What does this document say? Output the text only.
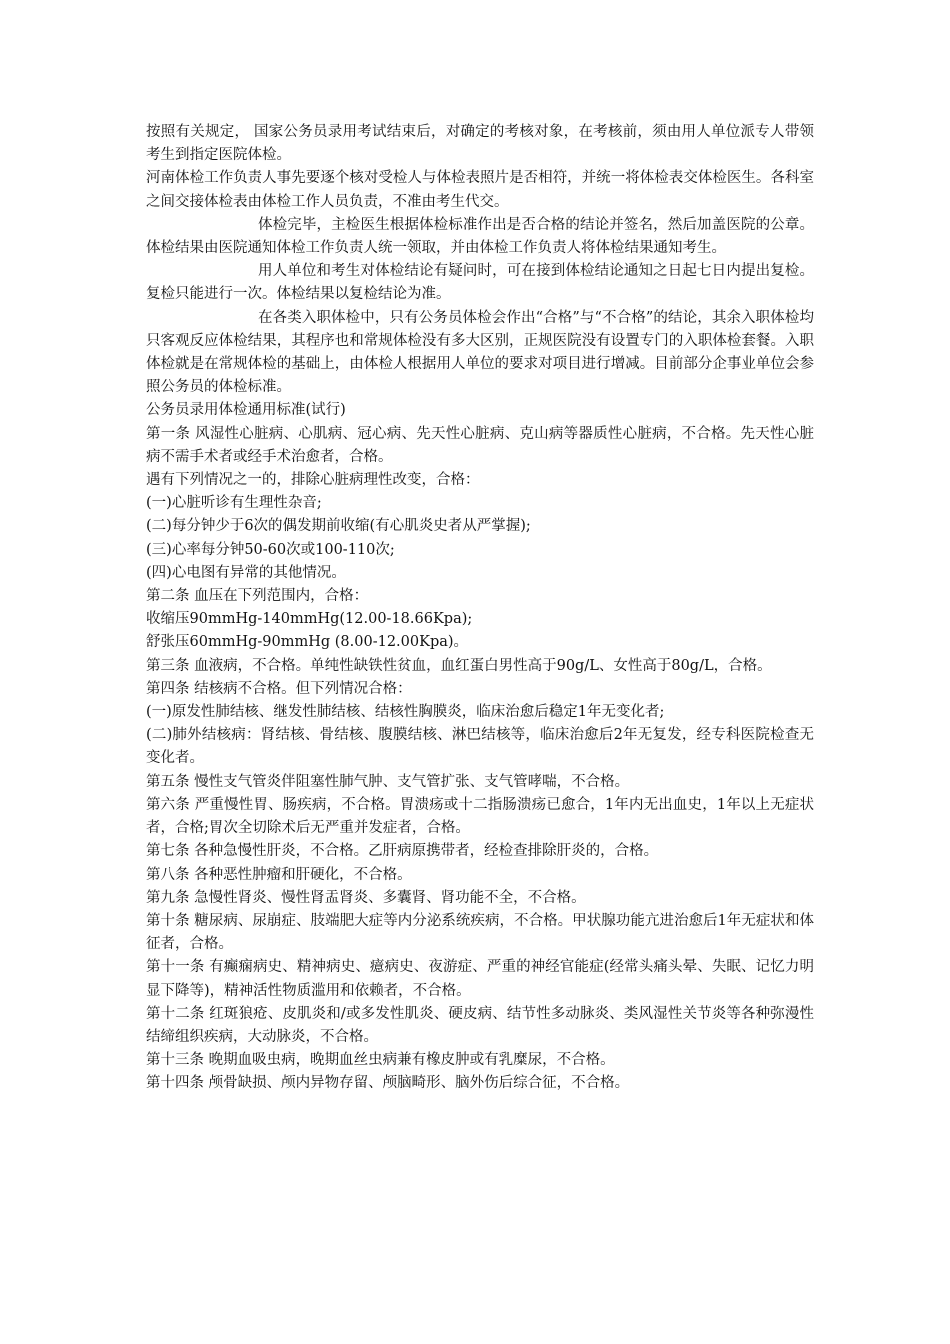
按照有关规定， 国家公务员录用考试结束后，对确定的考核对象，在考核前，须由用人单位派专人带领考生到指定医院体检。

河南体检工作负责人事先要逐个核对受检人与体检表照片是否相符，并统一将体检表交体检医生。各科室之间交接体检表由体检工作人员负责，不准由考生代交。

体检完毕，主检医生根据体检标准作出是否合格的结论并签名，然后加盖医院的公章。体检结果由医院通知体检工作负责人统一领取，并由体检工作负责人将体检结果通知考生。

用人单位和考生对体检结论有疑问时，可在接到体检结论通知之日起七日内提出复检。复检只能进行一次。体检结果以复检结论为准。

在各类入职体检中，只有公务员体检会作出“合格”与“不合格”的结论，其余入职体检均只客观反应体检结果，其程序也和常规体检没有多大区别，正规医院没有设置专门的入职体检套餐。入职体检就是在常规体检的基础上，由体检人根据用人单位的要求对项目进行增减。目前部分企事业单位会参照公务员的体检标准。

公务员录用体检通用标准(试行)

第一条 风湿性心脏病、心肌病、冠心病、先天性心脏病、克山病等器质性心脏病，不合格。先天性心脏病不需手术者或经手术治愈者，合格。

遇有下列情况之一的，排除心脏病理性改变，合格：

(一)心脏听诊有生理性杂音;

(二)每分钟少于6次的偶发期前收缩(有心肌炎史者从严掌握);

(三)心率每分钟50-60次或100-110次;

(四)心电图有异常的其他情况。

第二条 血压在下列范围内，合格：

收缩压90mmHg-140mmHg(12.00-18.66Kpa);

舒张压60mmHg-90mmHg (8.00-12.00Kpa)。

第三条 血液病，不合格。单纯性缺铁性贫血，血红蛋白男性高于90g/L、女性高于80g/L，合格。

第四条 结核病不合格。但下列情况合格：

(一)原发性肺结核、继发性肺结核、结核性胸膜炎，临床治愈后稳定1年无变化者;

(二)肺外结核病：肾结核、骨结核、腹膜结核、淋巴结核等，临床治愈后2年无复发，经专科医院检查无变化者。

第五条 慢性支气管炎伴阻塞性肺气肿、支气管扩张、支气管哮喘，不合格。

第六条 严重慢性胃、肠疾病，不合格。胃溃疡或十二指肠溃疡已愈合，1年内无出血史，1年以上无症状者，合格;胃次全切除术后无严重并发症者，合格。

第七条 各种急慢性肝炎，不合格。乙肝病原携带者，经检查排除肝炎的，合格。

第八条 各种恶性肿瘤和肝硬化，不合格。

第九条 急慢性肾炎、慢性肾盂肾炎、多囊肾、肾功能不全，不合格。

第十条 糖尿病、尿崩症、肢端肥大症等内分泌系统疾病，不合格。甲状腺功能亢进治愈后1年无症状和体征者，合格。

第十一条 有癫痫病史、精神病史、癔病史、夜游症、严重的神经官能症(经常头痛头晕、失眠、记忆力明显下降等)，精神活性物质滥用和依赖者，不合格。

第十二条 红斑狼疮、皮肌炎和/或多发性肌炎、硬皮病、结节性多动脉炎、类风湿性关节炎等各种弥漫性结缔组织疾病，大动脉炎，不合格。

第十三条 晚期血吸虫病，晚期血丝虫病兼有橡皮肿或有乳糜尿，不合格。

第十四条 颅骨缺损、颅内异物存留、颅脑畸形、脑外伤后综合征，不合格。
